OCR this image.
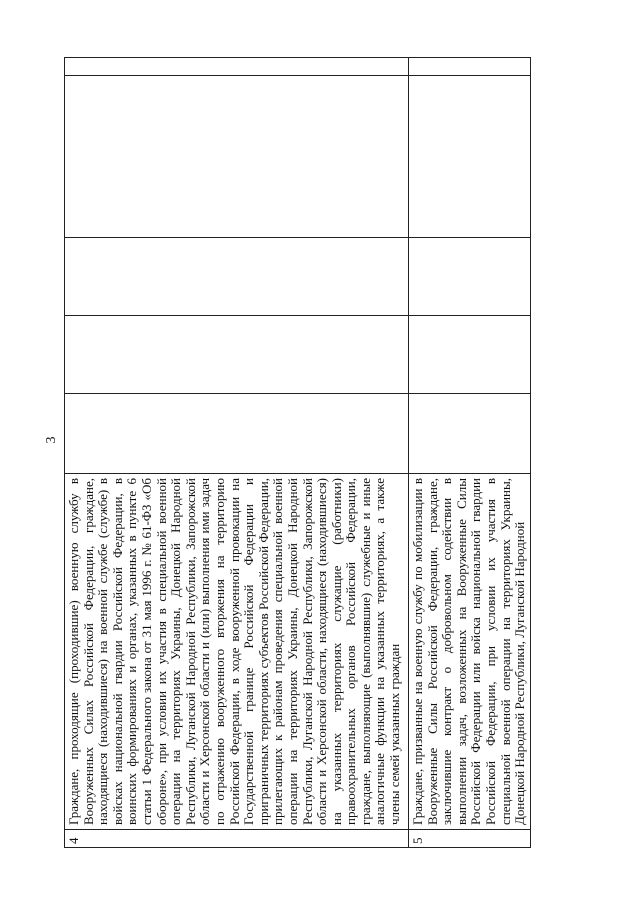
3
4	Граждане, проходящие (проходившие) военную службу в Вооруженных Силах Российской Федерации, граждане, находящиеся (находившиеся) на военной службе (службе) в войсках национальной гвардии Российской Федерации, в воинских формированиях и органах, указанных в пункте 6 статьи 1 Федерального закона от 31 мая 1996 г. № 61-ФЗ «Об обороне», при условии их участия в специальной военной операции на территориях Украины, Донецкой Народной Республики, Луганской Народной Республики, Запорожской области и Херсонской области и (или) выполнения ими задач по отражению вооруженного вторжения на территорию Российской Федерации, в ходе вооруженной провокации на Государственной границе Российской Федерации и приграничных территориях субъектов Российской Федерации, прилегающих к районам проведения специальной военной операции на территориях Украины, Донецкой Народной Республики, Луганской Народной Республики, Запорожской области и Херсонской области, находящиеся (находившиеся) на указанных территориях служащие (работники) правоохранительных органов Российской Федерации, граждане, выполняющие (выполнявшие) служебные и иные аналогичные функции на указанных территориях, а также члены семей указанных граждан					
5	Граждане, призванные на военную службу по мобилизации в Вооруженные Силы Российской Федерации, граждане, заключившие контракт о добровольном содействии в выполнении задач, возложенных на Вооруженные Силы Российской Федерации или войска национальной гвардии Российской Федерации, при условии их участия в специальной военной операции на территориях Украины, Донецкой Народной Республики, Луганской Народной					
